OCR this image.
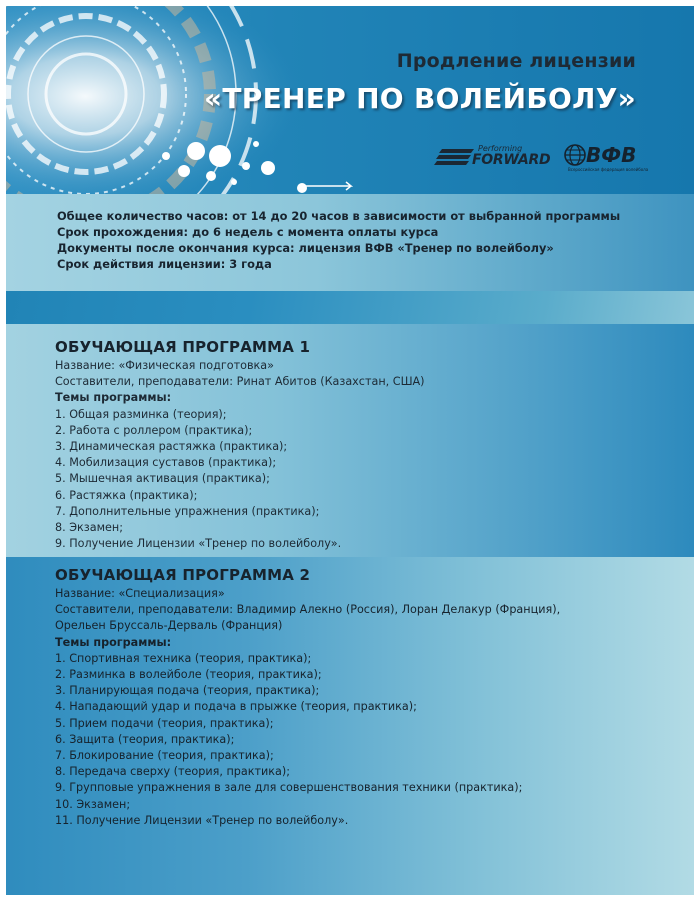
Продление лицензии
«ТРЕНЕР ПО ВОЛЕЙБОЛУ»
Performing
FORWARD ВФВ
Всероссийская федерация волейбола

Общее количество часов: от 14 до 20 часов в зависимости от выбранной программы

Срок прохождения: до 6 недель с момента оплаты курса

Документы после окончания курса: лицензия ВФВ «Тренер по волейболу»

Срок действия лицензии: 3 года

ОБУЧАЮЩАЯ ПРОГРАММА 1
Название: «Физическая подготовка»
Составители, преподаватели: Ринат Абитов (Казахстан, США)
Темы программы:
1. Общая разминка (теория);
2. Работа с роллером (практика);
3. Динамическая растяжка (практика);
4. Мобилизация суставов (практика);
5. Мышечная активация (практика);
6. Растяжка (практика);
7. Дополнительные упражнения (практика);
8. Экзамен;
9. Получение Лицензии «Тренер по волейболу».
ОБУЧАЮЩАЯ ПРОГРАММА 2
Название: «Специализация»
Составители, преподаватели: Владимир Алекно (Россия), Лоран Делакур (Франция),
Орельен Бруссаль-Дерваль (Франция)
Темы программы:
1. Спортивная техника (теория, практика);
2. Разминка в волейболе (теория, практика);
3. Планирующая подача (теория, практика);
4. Нападающий удар и подача в прыжке (теория, практика);
5. Прием подачи (теория, практика);
6. Защита (теория, практика);
7. Блокирование (теория, практика);
8. Передача сверху (теория, практика);
9. Групповые упражнения в зале для совершенствования техники (практика);
10. Экзамен;
11. Получение Лицензии «Тренер по волейболу».
